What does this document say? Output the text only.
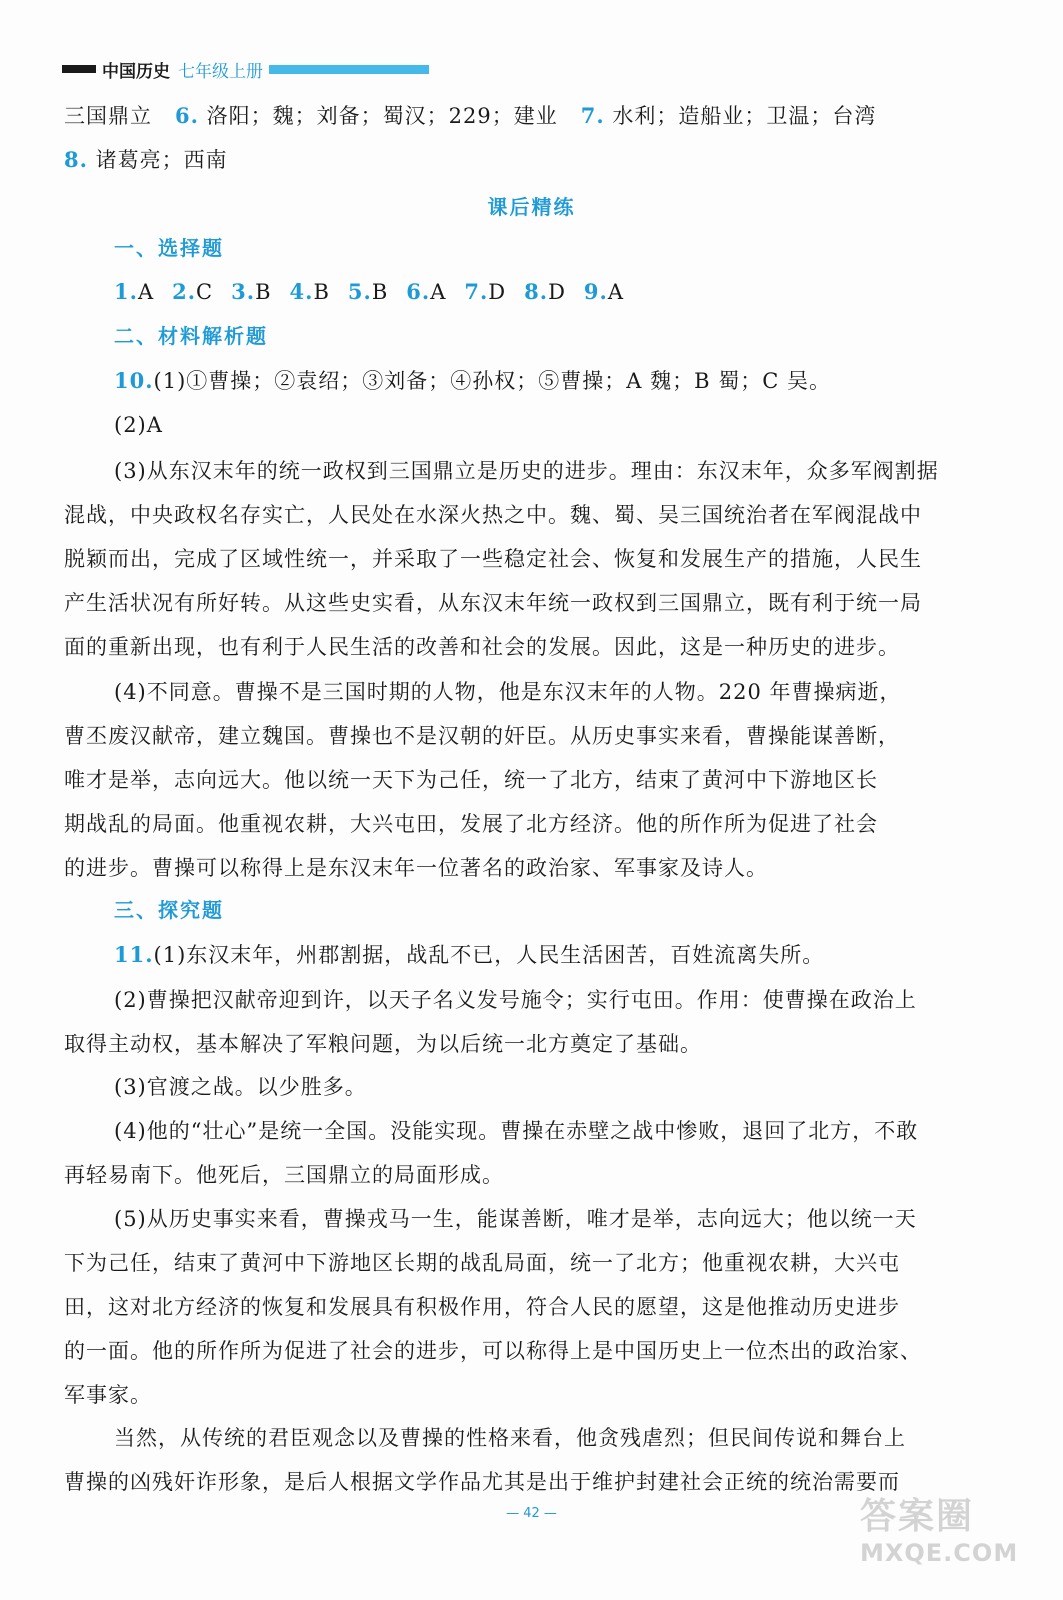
中国历史 七年级上册
三国鼎立 6. 洛阳；魏；刘备；蜀汉；229；建业 7. 水利；造船业；卫温；台湾
8. 诸葛亮；西南
课后精练
一、选择题
1.A 2.C 3.B 4.B 5.B 6.A 7.D 8.D 9.A
二、材料解析题
10.(1)①曹操；②袁绍；③刘备；④孙权；⑤曹操；A 魏；B 蜀；C 吴。
(2)A
(3)从东汉末年的统一政权到三国鼎立是历史的进步。理由：东汉末年，众多军阀割据
混战，中央政权名存实亡，人民处在水深火热之中。魏、蜀、吴三国统治者在军阀混战中
脱颖而出，完成了区域性统一，并采取了一些稳定社会、恢复和发展生产的措施，人民生
产生活状况有所好转。从这些史实看，从东汉末年统一政权到三国鼎立，既有利于统一局
面的重新出现，也有利于人民生活的改善和社会的发展。因此，这是一种历史的进步。
(4)不同意。曹操不是三国时期的人物，他是东汉末年的人物。220 年曹操病逝，
曹丕废汉献帝，建立魏国。曹操也不是汉朝的奸臣。从历史事实来看，曹操能谋善断，
唯才是举，志向远大。他以统一天下为己任，统一了北方，结束了黄河中下游地区长
期战乱的局面。他重视农耕，大兴屯田，发展了北方经济。他的所作所为促进了社会
的进步。曹操可以称得上是东汉末年一位著名的政治家、军事家及诗人。
三、探究题
11.(1)东汉末年，州郡割据，战乱不已，人民生活困苦，百姓流离失所。
(2)曹操把汉献帝迎到许，以天子名义发号施令；实行屯田。作用：使曹操在政治上
取得主动权，基本解决了军粮问题，为以后统一北方奠定了基础。
(3)官渡之战。以少胜多。
(4)他的“壮心”是统一全国。没能实现。曹操在赤壁之战中惨败，退回了北方，不敢
再轻易南下。他死后，三国鼎立的局面形成。
(5)从历史事实来看，曹操戎马一生，能谋善断，唯才是举，志向远大；他以统一天
下为己任，结束了黄河中下游地区长期的战乱局面，统一了北方；他重视农耕，大兴屯
田，这对北方经济的恢复和发展具有积极作用，符合人民的愿望，这是他推动历史进步
的一面。他的所作所为促进了社会的进步，可以称得上是中国历史上一位杰出的政治家、
军事家。
当然，从传统的君臣观念以及曹操的性格来看，他贪残虐烈；但民间传说和舞台上
曹操的凶残奸诈形象，是后人根据文学作品尤其是出于维护封建社会正统的统治需要而
— 42 —	答案圈
MXQE.COM
